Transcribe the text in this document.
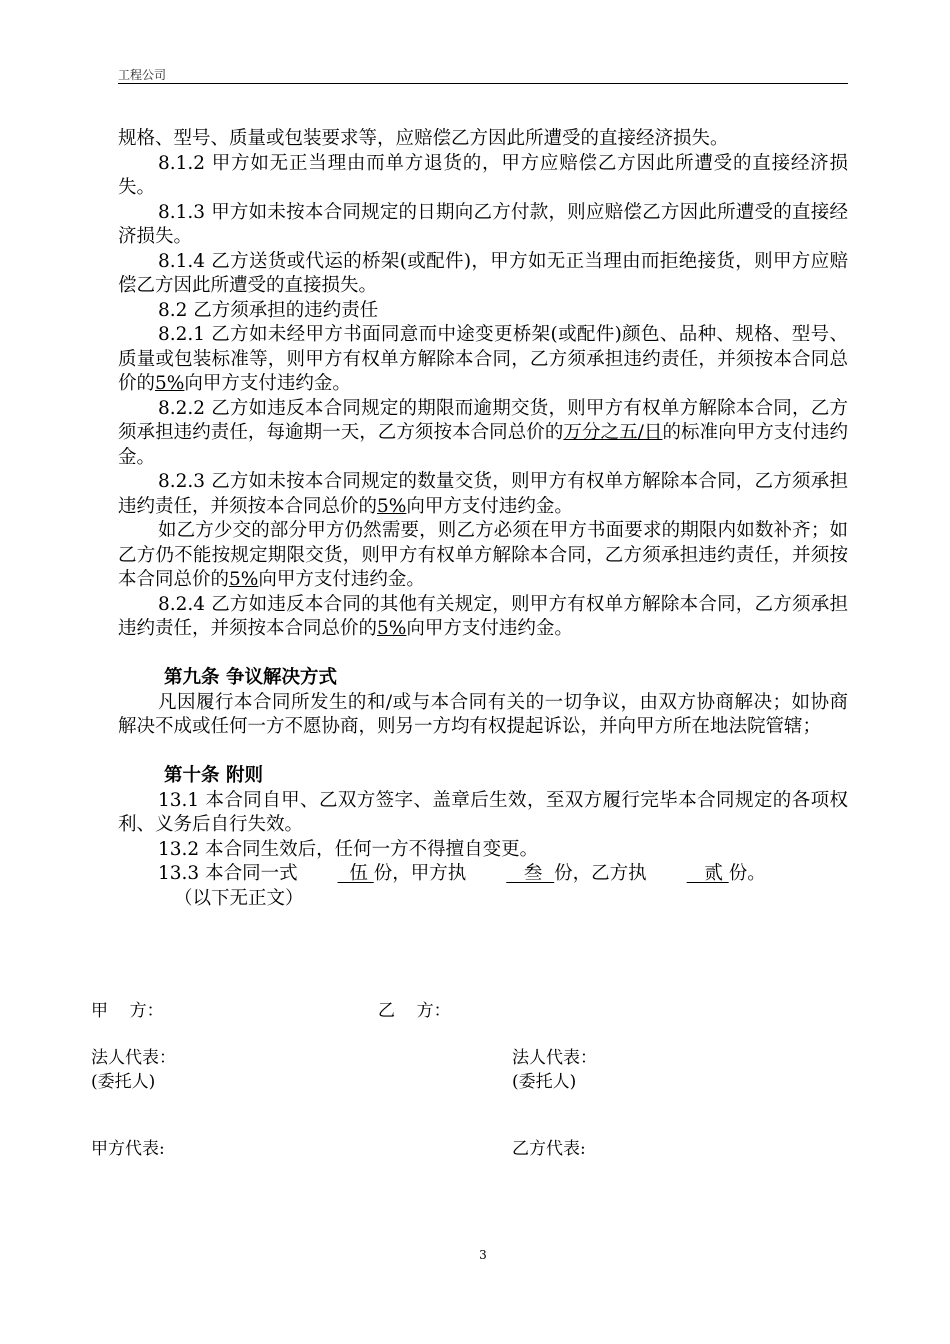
工程公司

规格、型号、质量或包装要求等，应赔偿乙方因此所遭受的直接经济损失。

8.1.2 甲方如无正当理由而单方退货的，甲方应赔偿乙方因此所遭受的直接经济损失。

8.1.3 甲方如未按本合同规定的日期向乙方付款，则应赔偿乙方因此所遭受的直接经济损失。

8.1.4 乙方送货或代运的桥架(或配件)，甲方如无正当理由而拒绝接货，则甲方应赔偿乙方因此所遭受的直接损失。

8.2 乙方须承担的违约责任

8.2.1 乙方如未经甲方书面同意而中途变更桥架(或配件)颜色、品种、规格、型号、质量或包装标准等，则甲方有权单方解除本合同，乙方须承担违约责任，并须按本合同总价的5%向甲方支付违约金。

8.2.2 乙方如违反本合同规定的期限而逾期交货，则甲方有权单方解除本合同，乙方须承担违约责任，每逾期一天，乙方须按本合同总价的万分之五/日的标准向甲方支付违约金。

8.2.3 乙方如未按本合同规定的数量交货，则甲方有权单方解除本合同，乙方须承担违约责任，并须按本合同总价的5%向甲方支付违约金。

如乙方少交的部分甲方仍然需要，则乙方必须在甲方书面要求的期限内如数补齐；如乙方仍不能按规定期限交货，则甲方有权单方解除本合同，乙方须承担违约责任，并须按本合同总价的5%向甲方支付违约金。

8.2.4 乙方如违反本合同的其他有关规定，则甲方有权单方解除本合同，乙方须承担违约责任，并须按本合同总价的5%向甲方支付违约金。

第九条 争议解决方式

凡因履行本合同所发生的和/或与本合同有关的一切争议，由双方协商解决；如协商解决不成或任何一方不愿协商，则另一方均有权提起诉讼，并向甲方所在地法院管辖；

第十条 附则

13.1 本合同自甲、乙双方签字、盖章后生效，至双方履行完毕本合同规定的各项权利、义务后自行失效。

13.2 本合同生效后，任何一方不得擅自变更。

13.3 本合同一式  伍 份，甲方执   叁  份，乙方执   贰 份。

（以下无正文）

甲    方：	乙    方：
法人代表：	法人代表：
(委托人)	(委托人)
甲方代表:	乙方代表:
3
